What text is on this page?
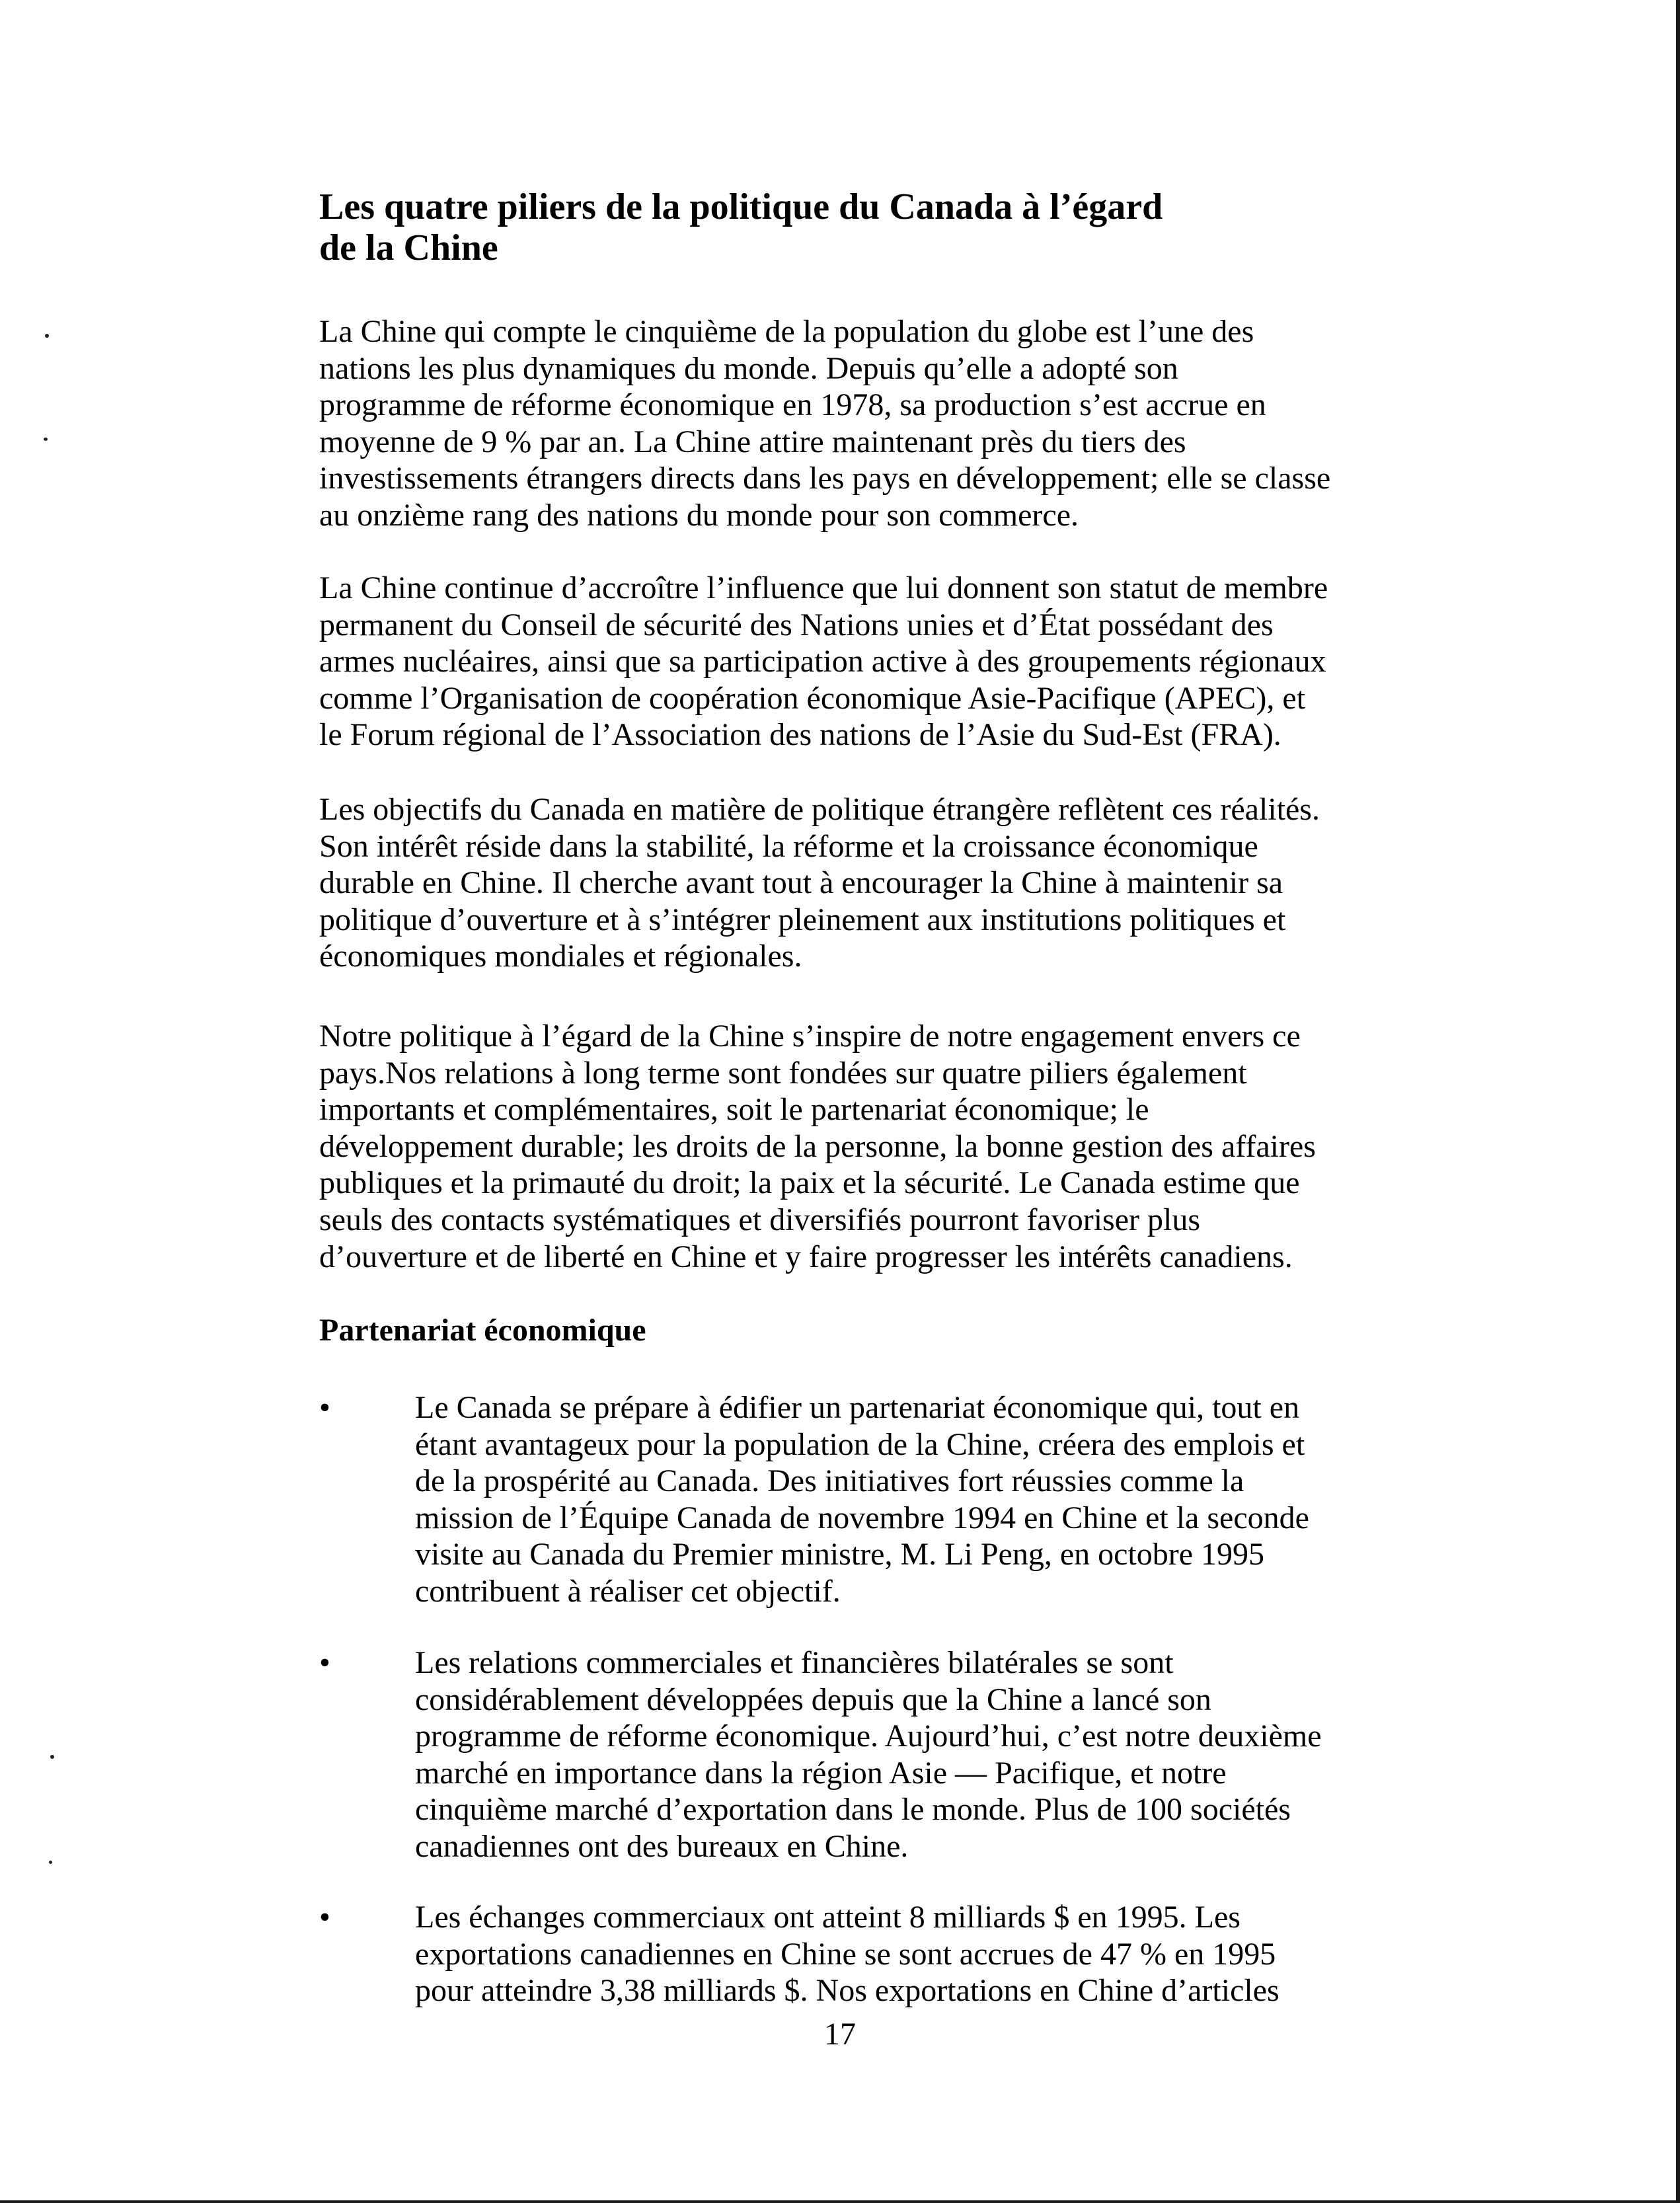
Les quatre piliers de la politique du Canada à l’égard
de la Chine

La Chine qui compte le cinquième de la population du globe est l’une des
nations les plus dynamiques du monde. Depuis qu’elle a adopté son
programme de réforme économique en 1978, sa production s’est accrue en
moyenne de 9 % par an. La Chine attire maintenant près du tiers des
investissements étrangers directs dans les pays en développement; elle se classe
au onzième rang des nations du monde pour son commerce.

La Chine continue d’accroître l’influence que lui donnent son statut de membre
permanent du Conseil de sécurité des Nations unies et d’État possédant des
armes nucléaires, ainsi que sa participation active à des groupements régionaux
comme l’Organisation de coopération économique Asie-Pacifique (APEC), et
le Forum régional de l’Association des nations de l’Asie du Sud-Est (FRA).

Les objectifs du Canada en matière de politique étrangère reflètent ces réalités.
Son intérêt réside dans la stabilité, la réforme et la croissance économique
durable en Chine. Il cherche avant tout à encourager la Chine à maintenir sa
politique d’ouverture et à s’intégrer pleinement aux institutions politiques et
économiques mondiales et régionales.

Notre politique à l’égard de la Chine s’inspire de notre engagement envers ce
pays.Nos relations à long terme sont fondées sur quatre piliers également
importants et complémentaires, soit le partenariat économique; le
développement durable; les droits de la personne, la bonne gestion des affaires
publiques et la primauté du droit; la paix et la sécurité. Le Canada estime que
seuls des contacts systématiques et diversifiés pourront favoriser plus
d’ouverture et de liberté en Chine et y faire progresser les intérêts canadiens.

Partenariat économique
•	Le Canada se prépare à édifier un partenariat économique qui, tout en
étant avantageux pour la population de la Chine, créera des emplois et
de la prospérité au Canada. Des initiatives fort réussies comme la
mission de l’Équipe Canada de novembre 1994 en Chine et la seconde
visite au Canada du Premier ministre, M. Li Peng, en octobre 1995
contribuent à réaliser cet objectif.

•	Les relations commerciales et financières bilatérales se sont
considérablement développées depuis que la Chine a lancé son
programme de réforme économique. Aujourd’hui, c’est notre deuxième
marché en importance dans la région Asie — Pacifique, et notre
cinquième marché d’exportation dans le monde. Plus de 100 sociétés
canadiennes ont des bureaux en Chine.

•	Les échanges commerciaux ont atteint 8 milliards $ en 1995. Les
exportations canadiennes en Chine se sont accrues de 47 % en 1995
pour atteindre 3,38 milliards $. Nos exportations en Chine d’articles

17
